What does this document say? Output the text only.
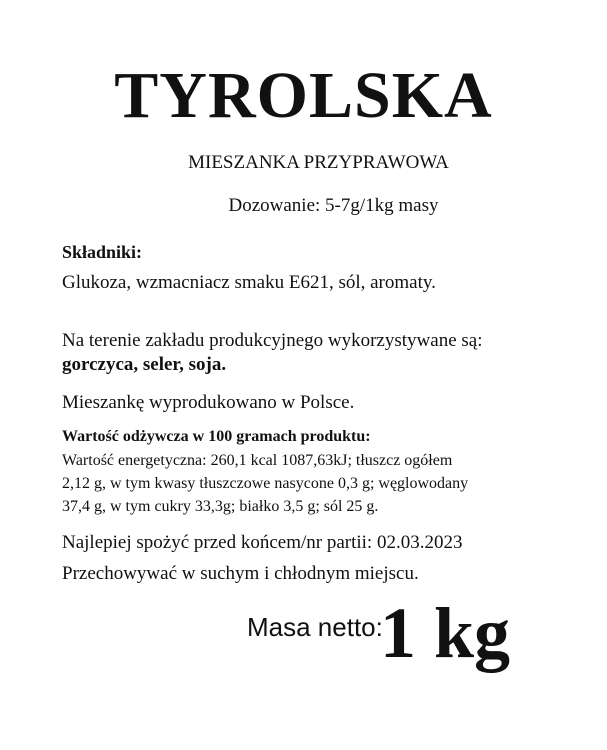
TYROLSKA
MIESZANKA PRZYPRAWOWA
Dozowanie: 5-7g/1kg masy
Składniki:
Glukoza, wzmacniacz smaku E621, sól, aromaty.
Na terenie zakładu produkcyjnego wykorzystywane są:
gorczyca, seler, soja.
Mieszankę wyprodukowano w Polsce.
Wartość odżywcza w 100 gramach produktu:
Wartość energetyczna: 260,1 kcal 1087,63kJ; tłuszcz ogółem
2,12 g, w tym kwasy tłuszczowe nasycone 0,3 g; węglowodany
37,4 g, w tym cukry 33,3g; białko 3,5 g; sól 25 g.
Najlepiej spożyć przed końcem/nr partii: 02.03.2023
Przechowywać w suchym i chłodnym miejscu.
Masa netto:
1 kg
